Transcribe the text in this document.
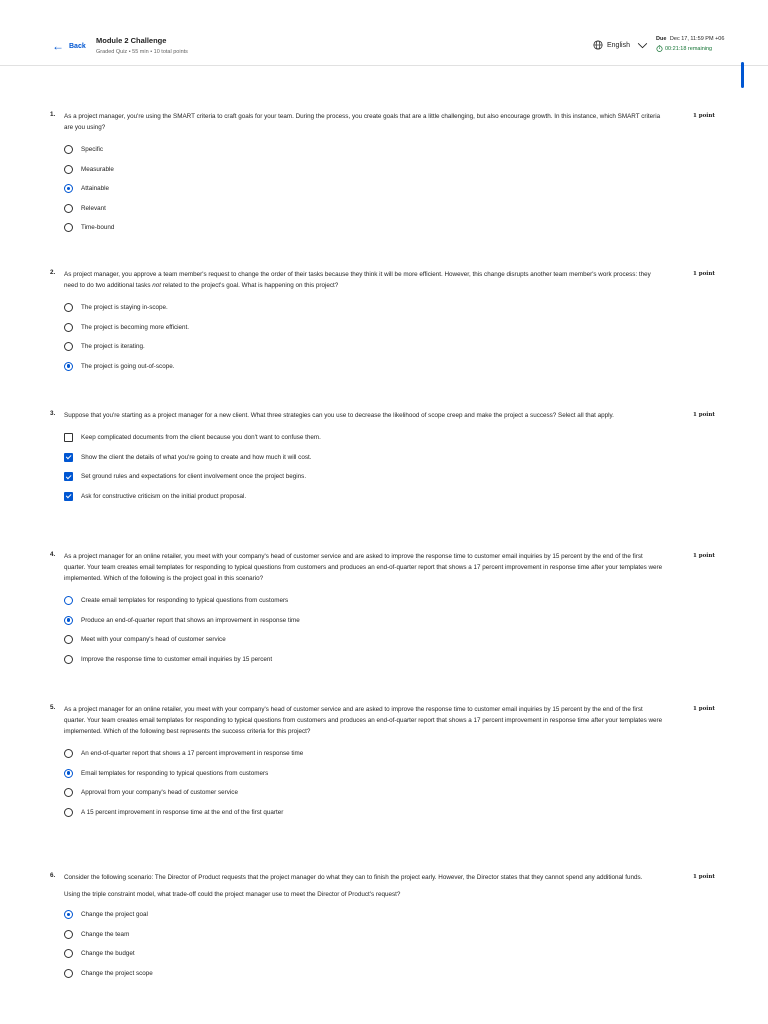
← Back
Module 2 Challenge
Graded Quiz • 55 min • 10 total points
English
Due Dec 17, 11:59 PM +06
00:21:18 remaining
1. As a project manager, you're using the SMART criteria to craft goals for your team. During the process, you create goals that are a little challenging, but also encourage growth. In this instance, which SMART criteria are you using?
1 point
Specific
Measurable
Attainable
Relevant
Time-bound
2. As project manager, you approve a team member's request to change the order of their tasks because they think it will be more efficient. However, this change disrupts another team member's work process: they need to do two additional tasks not related to the project's goal. What is happening on this project?
1 point
The project is staying in-scope.
The project is becoming more efficient.
The project is iterating.
The project is going out-of-scope.
3. Suppose that you're starting as a project manager for a new client. What three strategies can you use to decrease the likelihood of scope creep and make the project a success? Select all that apply.	1 point
Keep complicated documents from the client because you don't want to confuse them.
Show the client the details of what you're going to create and how much it will cost.
Set ground rules and expectations for client involvement once the project begins.
Ask for constructive criticism on the initial product proposal.
4. As a project manager for an online retailer, you meet with your company's head of customer service and are asked to improve the response time to customer email inquiries by 15 percent by the end of the first quarter. Your team creates email templates for responding to typical questions from customers and produces an end-of-quarter report that shows a 17 percent improvement in response time after your templates were implemented. Which of the following is the project goal in this scenario?
1 point
Create email templates for responding to typical questions from customers
Produce an end-of-quarter report that shows an improvement in response time
Meet with your company's head of customer service
Improve the response time to customer email inquiries by 15 percent
5. As a project manager for an online retailer, you meet with your company's head of customer service and are asked to improve the response time to customer email inquiries by 15 percent by the end of the first quarter. Your team creates email templates for responding to typical questions from customers and produces an end-of-quarter report that shows a 17 percent improvement in response time after your templates were implemented. Which of the following best represents the success criteria for this project?
1 point
An end-of-quarter report that shows a 17 percent improvement in response time
Email templates for responding to typical questions from customers
Approval from your company's head of customer service
A 15 percent improvement in response time at the end of the first quarter
6. Consider the following scenario: The Director of Product requests that the project manager do what they can to finish the project early. However, the Director states that they cannot spend any additional funds.	1 point
Using the triple constraint model, what trade-off could the project manager use to meet the Director of Product's request?
Change the project goal
Change the team
Change the budget
Change the project scope
